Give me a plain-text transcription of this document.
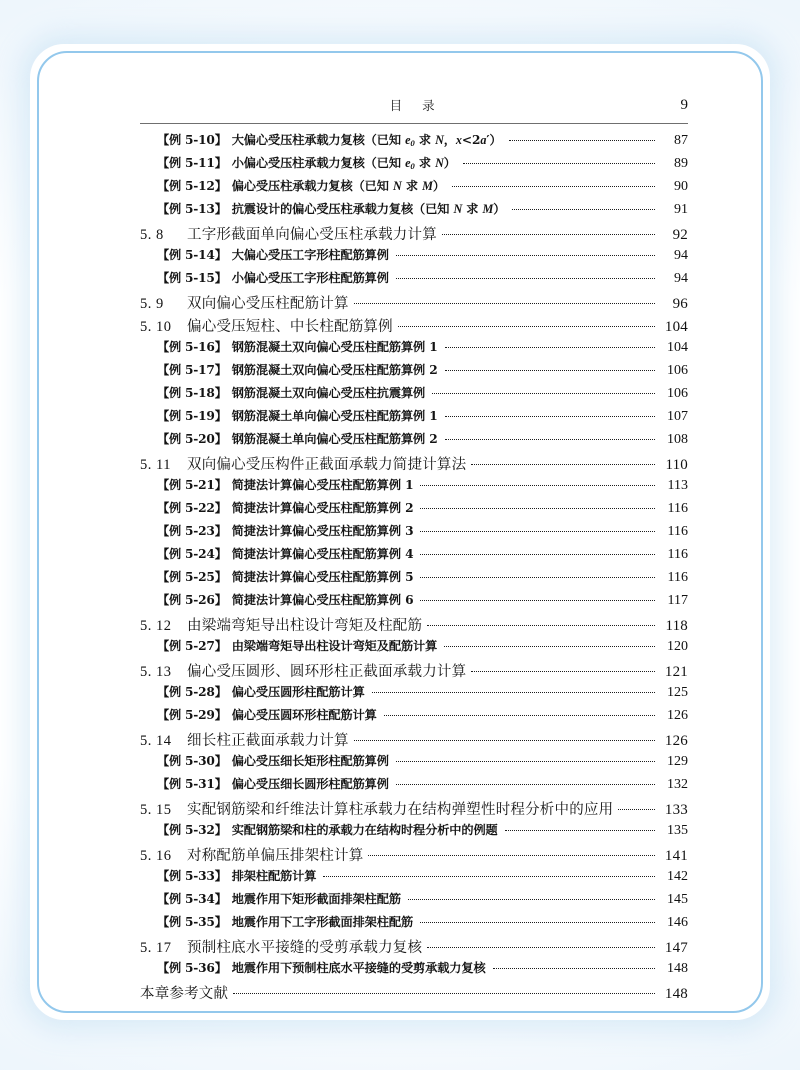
目　录	9
【例 5-10】 大偏心受压柱承载力复核（已知 $e_0$ 求 N，x<2a′）	87
【例 5-11】 小偏心受压柱承载力复核（已知 $e_0$ 求 N）	89
【例 5-12】 偏心受压柱承载力复核（已知 N 求 M）	90
【例 5-13】 抗震设计的偏心受压柱承载力复核（已知 N 求 M）	91
5. 8	工字形截面单向偏心受压柱承载力计算	92
【例 5-14】 大偏心受压工字形柱配筋算例	94
【例 5-15】 小偏心受压工字形柱配筋算例	94
5. 9	双向偏心受压柱配筋计算	96
5. 10	偏心受压短柱、中长柱配筋算例	104
【例 5-16】 钢筋混凝土双向偏心受压柱配筋算例 1	104
【例 5-17】 钢筋混凝土双向偏心受压柱配筋算例 2	106
【例 5-18】 钢筋混凝土双向偏心受压柱抗震算例	106
【例 5-19】 钢筋混凝土单向偏心受压柱配筋算例 1	107
【例 5-20】 钢筋混凝土单向偏心受压柱配筋算例 2	108
5. 11	双向偏心受压构件正截面承载力简捷计算法	110
【例 5-21】 简捷法计算偏心受压柱配筋算例 1	113
【例 5-22】 简捷法计算偏心受压柱配筋算例 2	116
【例 5-23】 简捷法计算偏心受压柱配筋算例 3	116
【例 5-24】 简捷法计算偏心受压柱配筋算例 4	116
【例 5-25】 简捷法计算偏心受压柱配筋算例 5	116
【例 5-26】 简捷法计算偏心受压柱配筋算例 6	117
5. 12	由梁端弯矩导出柱设计弯矩及柱配筋	118
【例 5-27】 由梁端弯矩导出柱设计弯矩及配筋计算	120
5. 13	偏心受压圆形、圆环形柱正截面承载力计算	121
【例 5-28】 偏心受压圆形柱配筋计算	125
【例 5-29】 偏心受压圆环形柱配筋计算	126
5. 14	细长柱正截面承载力计算	126
【例 5-30】 偏心受压细长矩形柱配筋算例	129
【例 5-31】 偏心受压细长圆形柱配筋算例	132
5. 15	实配钢筋梁和纤维法计算柱承载力在结构弹塑性时程分析中的应用	133
【例 5-32】 实配钢筋梁和柱的承载力在结构时程分析中的例题	135
5. 16	对称配筋单偏压排架柱计算	141
【例 5-33】 排架柱配筋计算	142
【例 5-34】 地震作用下矩形截面排架柱配筋	145
【例 5-35】 地震作用下工字形截面排架柱配筋	146
5. 17	预制柱底水平接缝的受剪承载力复核	147
【例 5-36】 地震作用下预制柱底水平接缝的受剪承载力复核	148
本章参考文献	148
